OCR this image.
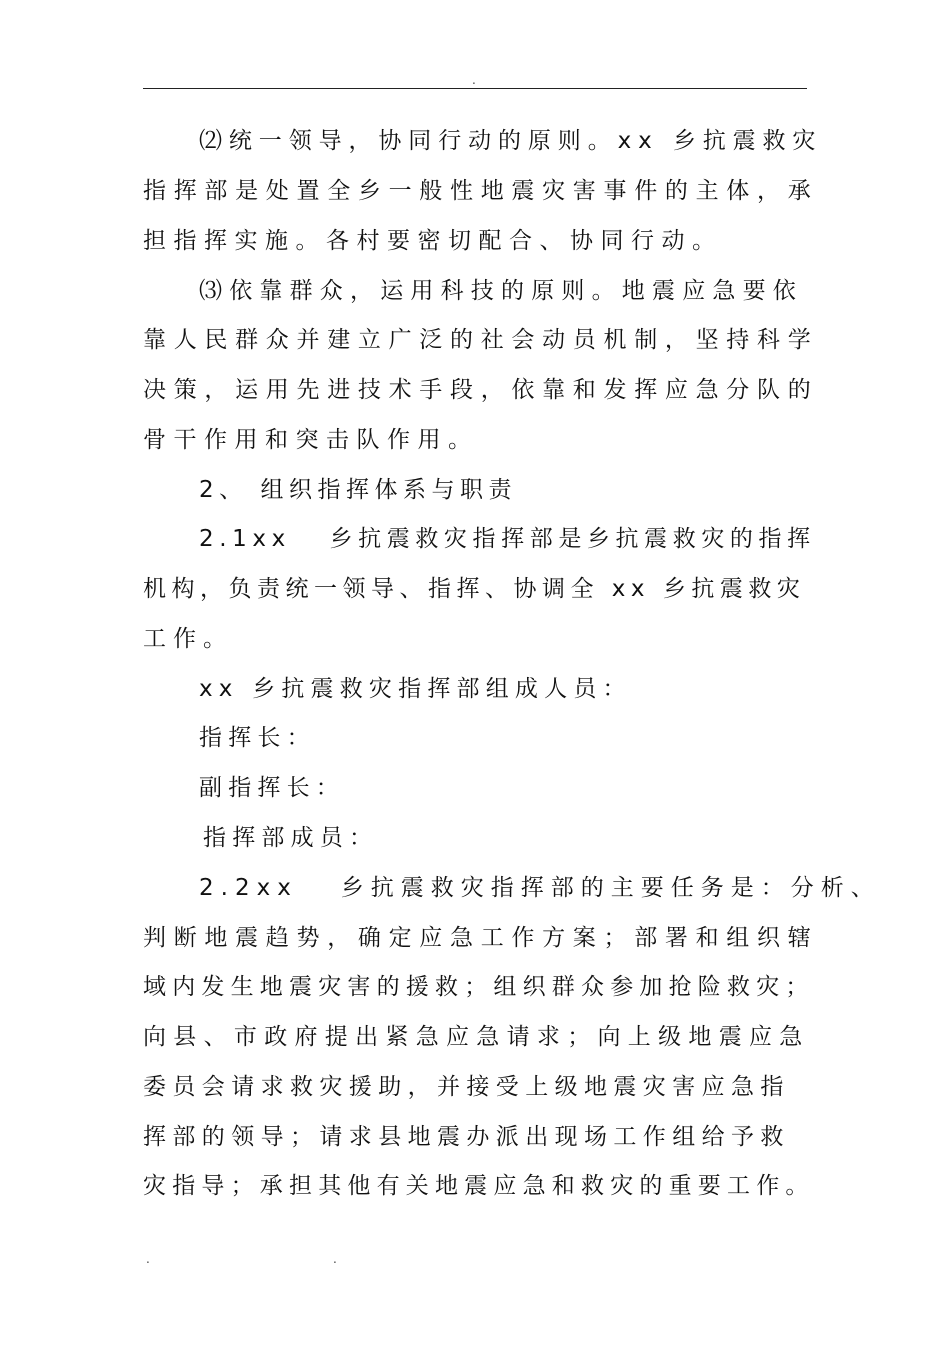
.
⑵统一领导，协同行动的原则。xx 乡抗震救灾
指挥部是处置全乡一般性地震灾害事件的主体，承
担指挥实施。各村要密切配合、协同行动。
⑶依靠群众，运用科技的原则。地震应急要依
靠人民群众并建立广泛的社会动员机制，坚持科学
决策，运用先进技术手段，依靠和发挥应急分队的
骨干作用和突击队作用。
2、 组织指挥体系与职责
2.1xx   乡抗震救灾指挥部是乡抗震救灾的指挥
机构，负责统一领导、指挥、协调全 xx 乡抗震救灾
工作。
xx 乡抗震救灾指挥部组成人员：
指挥长：
副指挥长：
指挥部成员：
2.2xx   乡抗震救灾指挥部的主要任务是：分析、
判断地震趋势，确定应急工作方案；部署和组织辖
域内发生地震灾害的援救；组织群众参加抢险救灾；
向县、市政府提出紧急应急请求；向上级地震应急
委员会请求救灾援助，并接受上级地震灾害应急指
挥部的领导；请求县地震办派出现场工作组给予救
灾指导；承担其他有关地震应急和救灾的重要工作。
.	.
